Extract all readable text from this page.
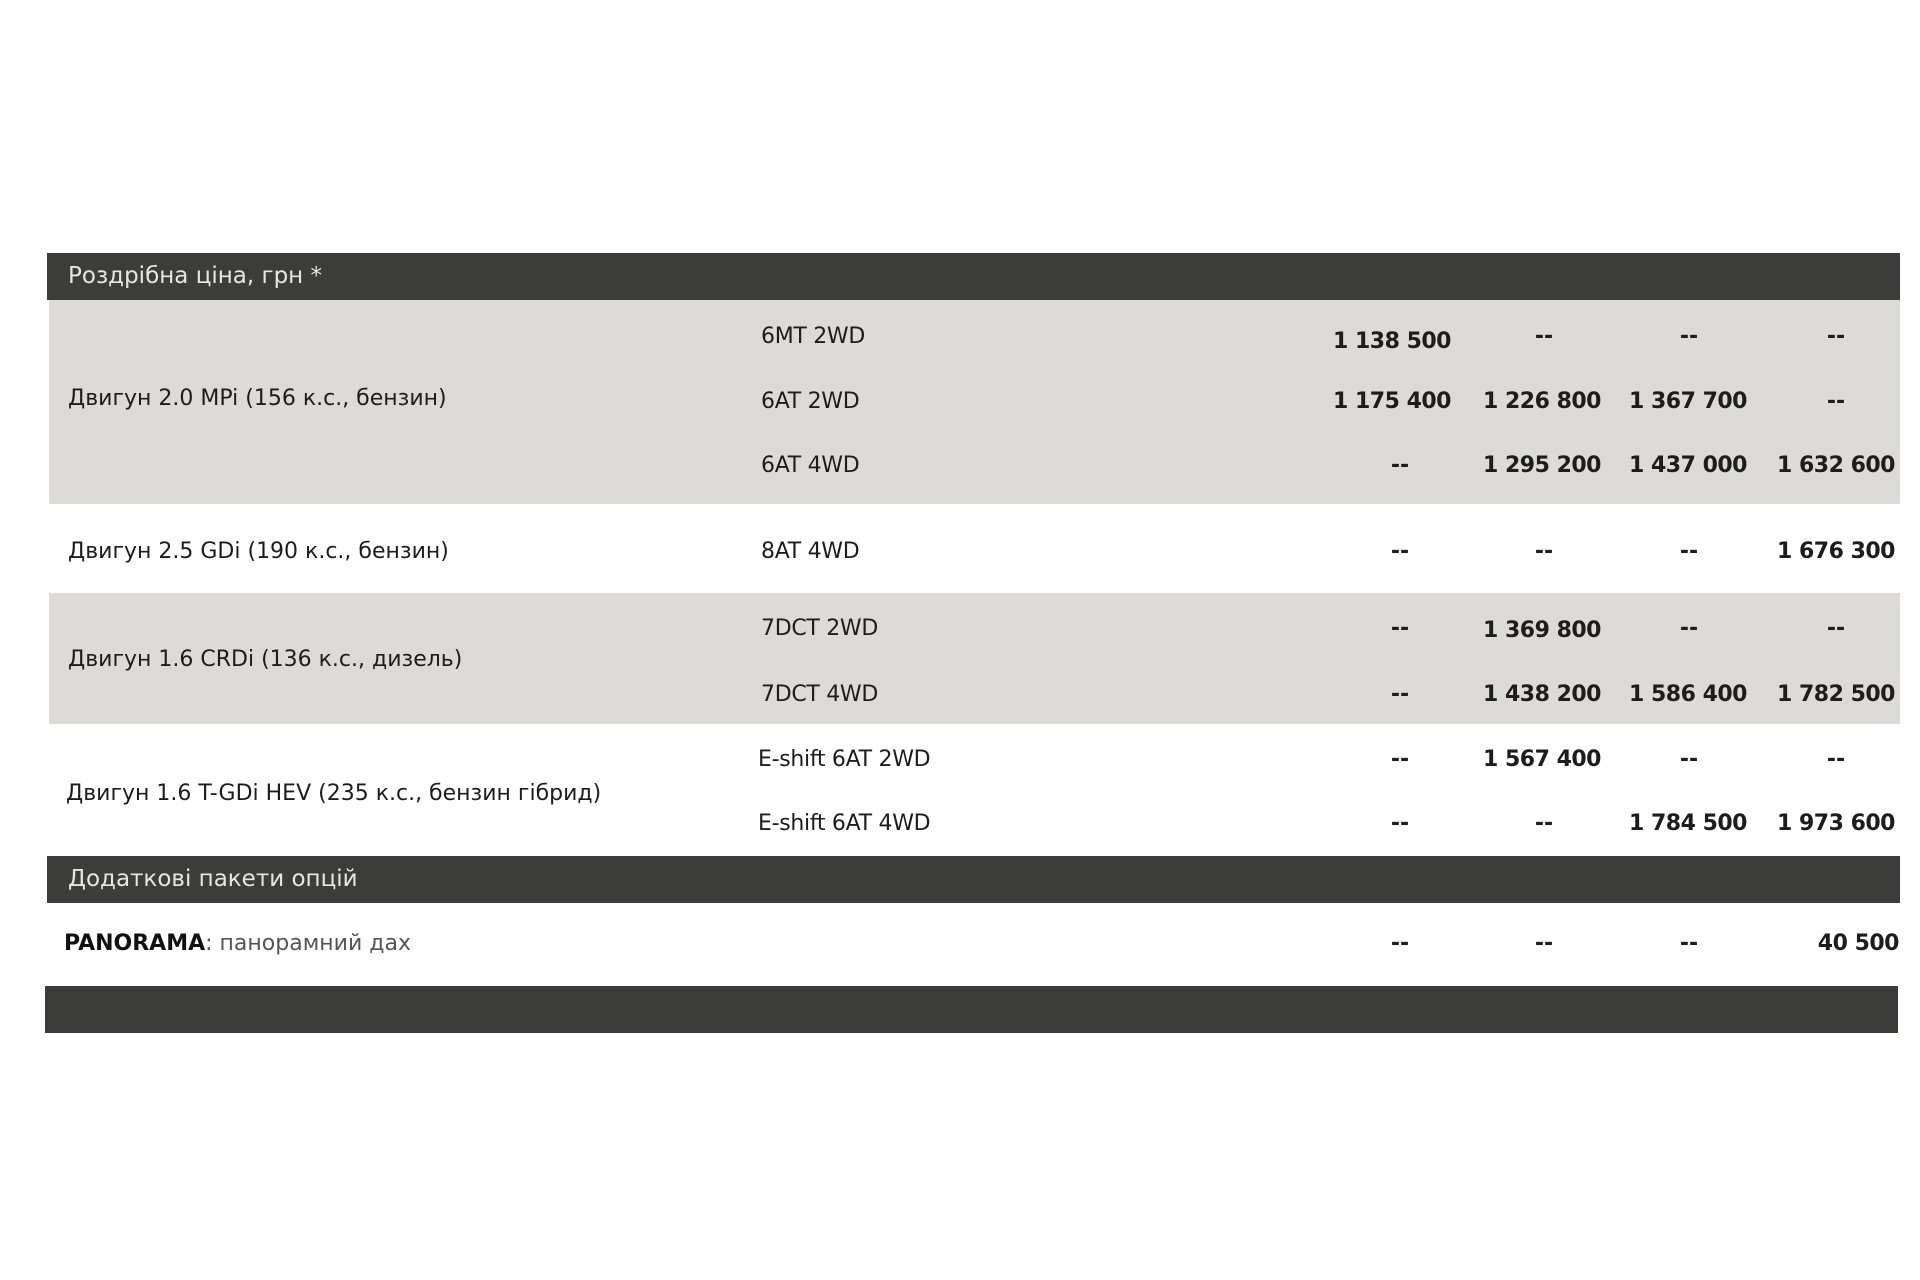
Роздрібна ціна, грн *
Двигун 2.0 MPi (156 к.с., бензин)
6MT 2WD	1 138 500	--	--	--
6AT 2WD	1 175 400	1 226 800	1 367 700	--
6AT 4WD	--	1 295 200	1 437 000	1 632 600
Двигун 2.5 GDi (190 к.с., бензин)	8AT 4WD	--	--	--	1 676 300
Двигун 1.6 CRDi (136 к.с., дизель)
7DCT 2WD	--	1 369 800	--	--
7DCT 4WD	--	1 438 200	1 586 400	1 782 500
Двигун 1.6 T-GDi HEV (235 к.с., бензин гібрид)
E-shift 6AT 2WD	--	1 567 400	--	--
E-shift 6AT 4WD	--	--	1 784 500	1 973 600
Додаткові пакети опцій
PANORAMA: панорамний дах	--	--	--	40 500
